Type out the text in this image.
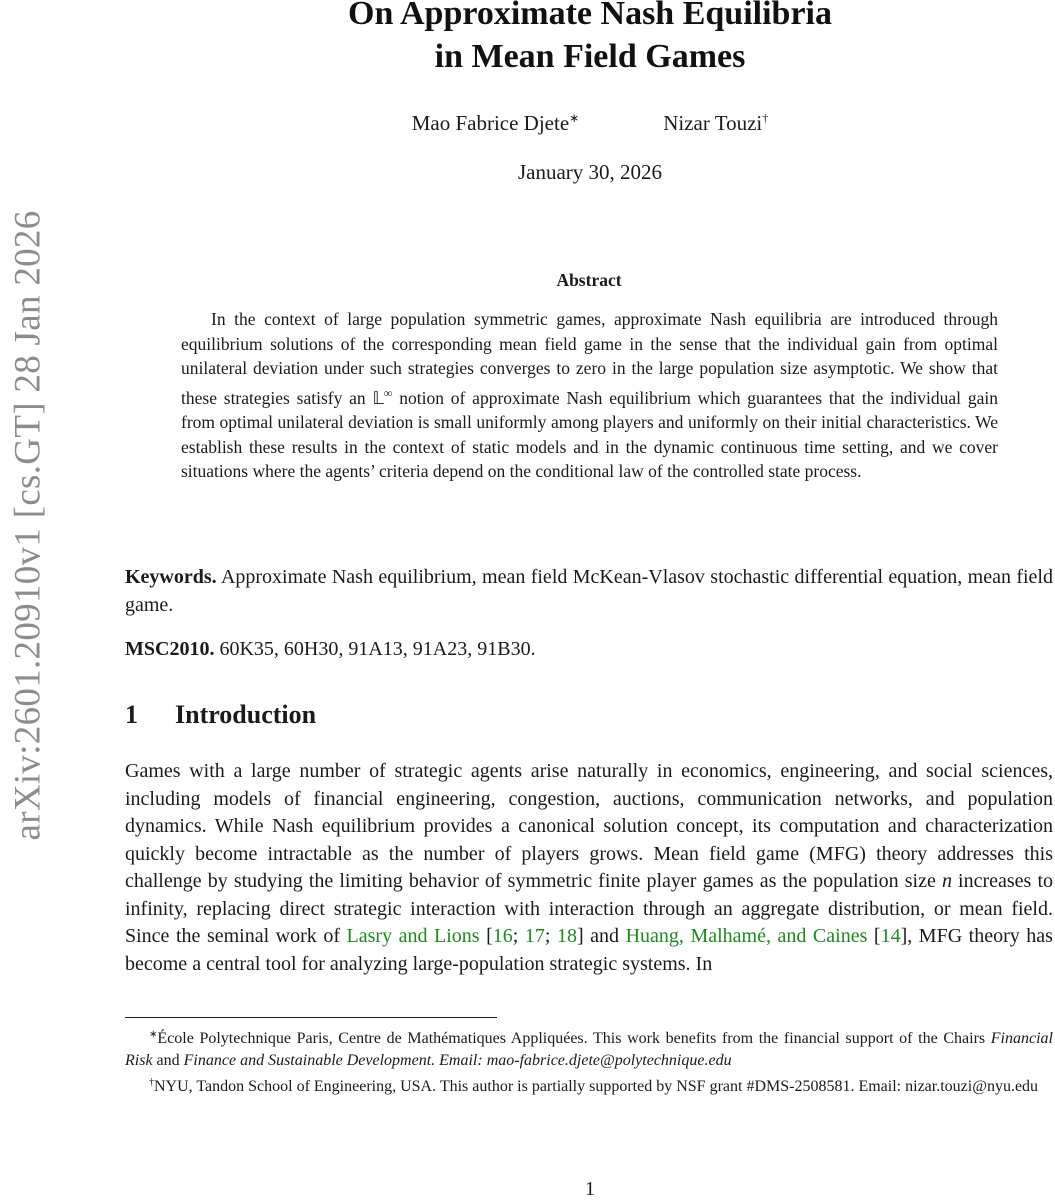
arXiv:2601.20910v1 [cs.GT] 28 Jan 2026
On Approximate Nash Equilibria
in Mean Field Games
Mao Fabrice Djete∗	Nizar Touzi†
January 30, 2026
Abstract

In the context of large population symmetric games, approximate Nash equilibria are introduced through equilibrium solutions of the corresponding mean field game in the sense that the individual gain from optimal unilateral deviation under such strategies converges to zero in the large population size asymptotic. We show that these strategies satisfy an 𝕃∞ notion of approximate Nash equilibrium which guarantees that the individual gain from optimal unilateral deviation is small uniformly among players and uniformly on their initial characteristics. We establish these results in the context of static models and in the dynamic continuous time setting, and we cover situations where the agents’ criteria depend on the conditional law of the controlled state process.

Keywords. Approximate Nash equilibrium, mean field McKean-Vlasov stochastic differential equation, mean field game.

MSC2010. 60K35, 60H30, 91A13, 91A23, 91B30.

1 Introduction

Games with a large number of strategic agents arise naturally in economics, engineering, and social sciences, including models of financial engineering, congestion, auctions, communication networks, and population dynamics. While Nash equilibrium provides a canonical solution concept, its computation and characterization quickly become intractable as the number of players grows. Mean field game (MFG) theory addresses this challenge by studying the limiting behavior of symmetric finite player games as the population size n increases to infinity, replacing direct strategic interaction with interaction through an aggregate distribution, or mean field. Since the seminal work of Lasry and Lions [16; 17; 18] and Huang, Malhamé, and Caines [14], MFG theory has become a central tool for analyzing large-population strategic systems. In

∗École Polytechnique Paris, Centre de Mathématiques Appliquées. This work benefits from the financial support of the Chairs Financial Risk and Finance and Sustainable Development. Email: mao-fabrice.djete@polytechnique.edu

†NYU, Tandon School of Engineering, USA. This author is partially supported by NSF grant #DMS-2508581. Email: nizar.touzi@nyu.edu

1
